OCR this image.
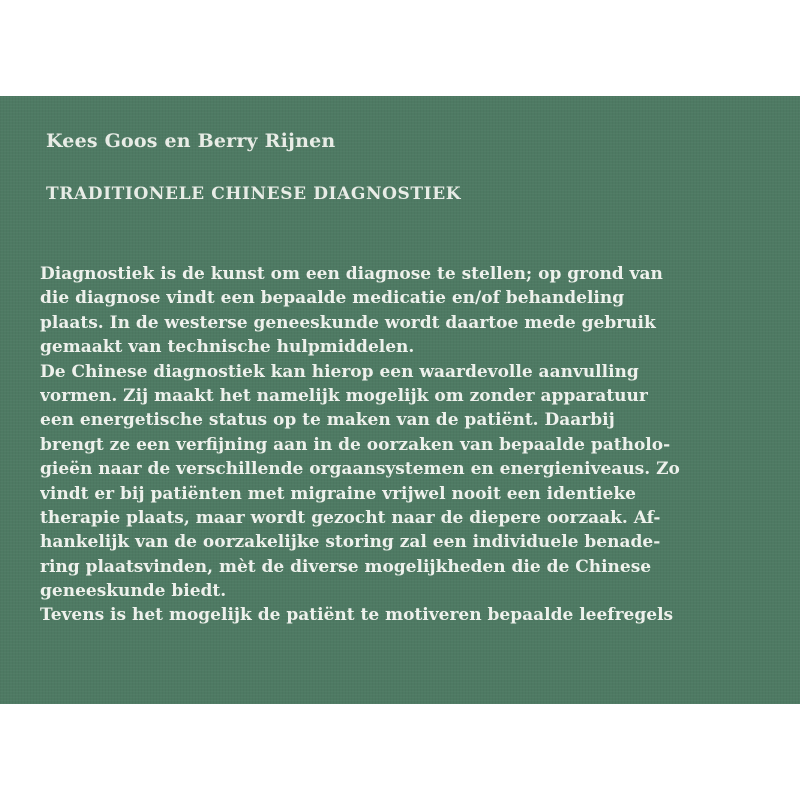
Kees Goos en Berry Rijnen
TRADITIONELE CHINESE DIAGNOSTIEK
Diagnostiek is de kunst om een diagnose te stellen; op grond van
die diagnose vindt een bepaalde medicatie en/of behandeling
plaats. In de westerse geneeskunde wordt daartoe mede gebruik
gemaakt van technische hulpmiddelen.
De Chinese diagnostiek kan hierop een waardevolle aanvulling
vormen. Zij maakt het namelijk mogelijk om zonder apparatuur
een energetische status op te maken van de patiënt. Daarbij
brengt ze een verfijning aan in de oorzaken van bepaalde patholo-
gieën naar de verschillende orgaansystemen en energieniveaus. Zo
vindt er bij patiënten met migraine vrijwel nooit een identieke
therapie plaats, maar wordt gezocht naar de diepere oorzaak. Af-
hankelijk van de oorzakelijke storing zal een individuele benade-
ring plaatsvinden, mèt de diverse mogelijkheden die de Chinese
geneeskunde biedt.
Tevens is het mogelijk de patiënt te motiveren bepaalde leefregels
